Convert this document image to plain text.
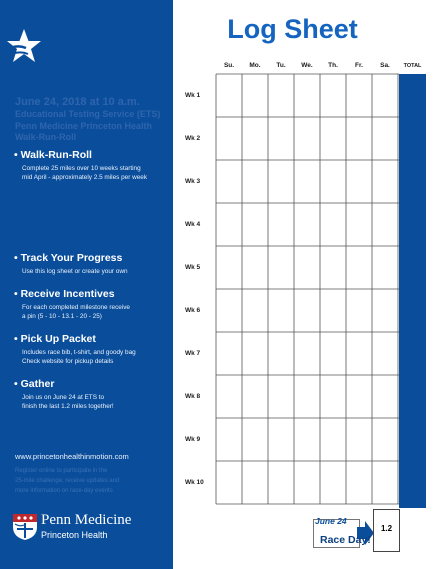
June 24, 2018 at 10 a.m.
Educational Testing Service (ETS)
Penn Medicine Princeton Health Walk-Run-Roll
• Walk-Run-Roll
Complete 25 miles over 10 weeks starting
mid April - approximately 2.5 miles per week
• Track Your Progress
Use this log sheet or create your own
• Receive Incentives
For each completed milestone receive
a pin (5 - 10 - 13.1 - 20 - 25)
• Pick Up Packet
Includes race bib, t-shirt, and goody bag
Check website for pickup details
• Gather
Join us on June 24 at ETS to
finish the last 1.2 miles together!
www.princetonhealthinmotion.com
Register online to participate in the
25-mile challenge, receive updates and
more information on race-day events
Penn Medicine
Princeton Health
Log Sheet
Su.	Mo.	Tu.	We.	Th.	Fr.	Sa.	TOTAL
Wk 1
Wk 2
Wk 3
Wk 4
Wk 5
Wk 6
Wk 7
Wk 8
Wk 9
Wk 10
June 24
Race Day!
1.2
